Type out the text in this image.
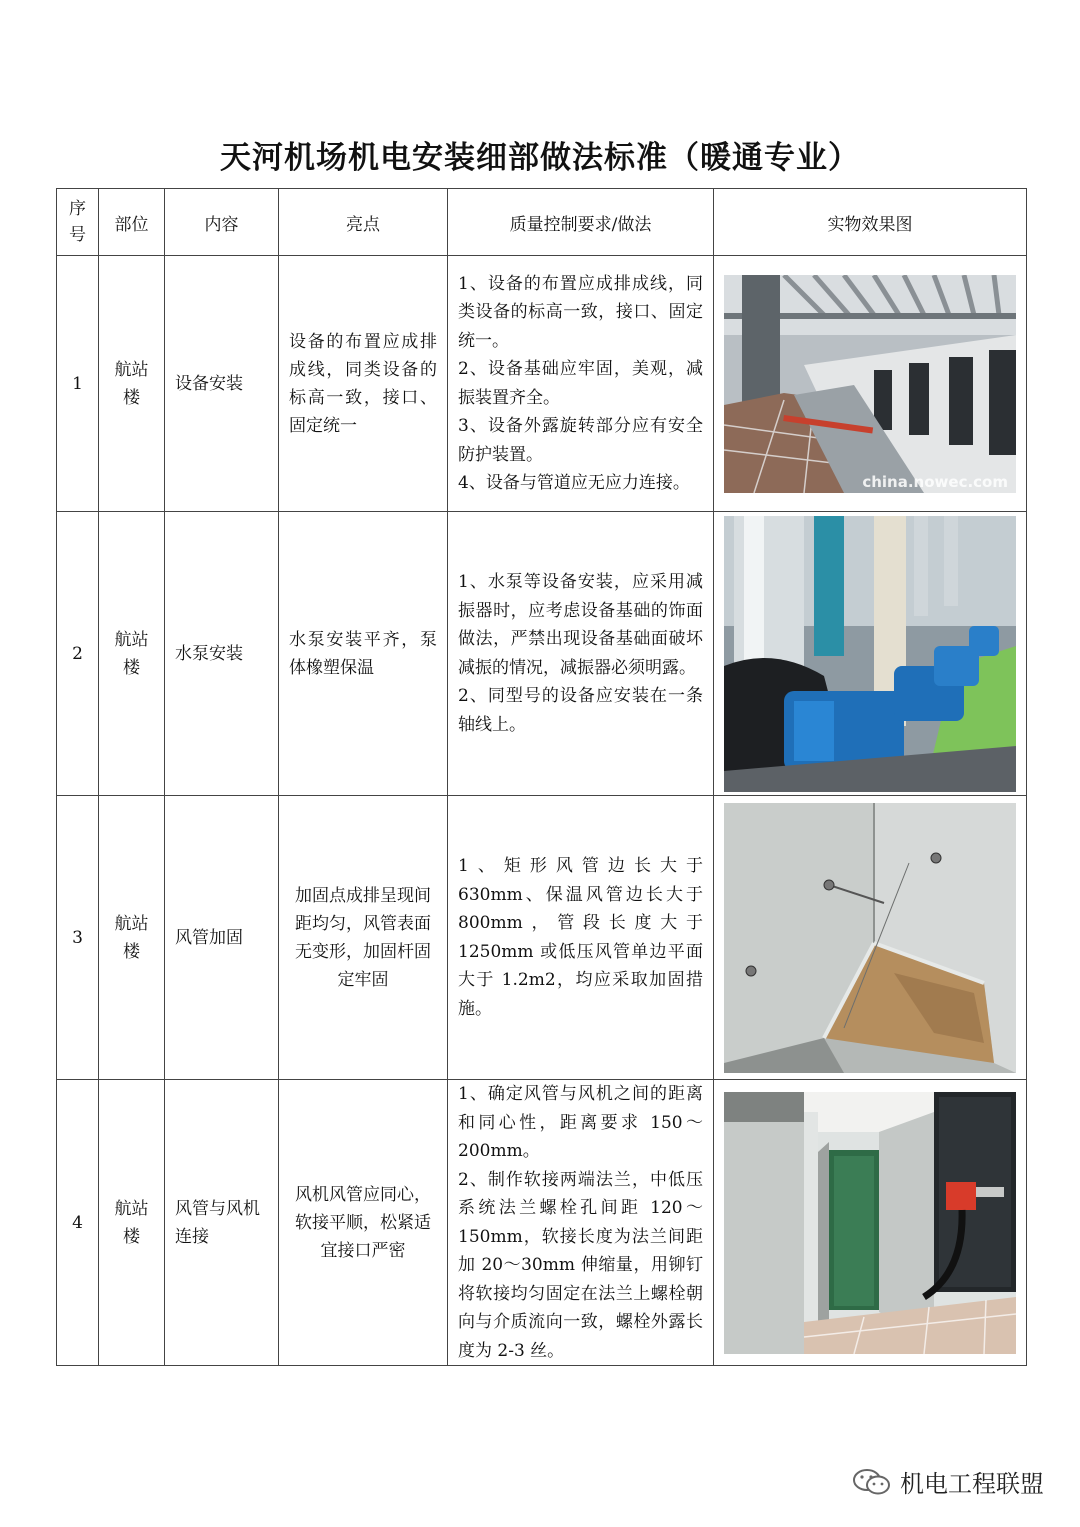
天河机场机电安装细部做法标准（暖通专业）
序号	部位	内容	亮点	质量控制要求/做法	实物效果图
1	航站楼	设备安装	设备的布置应成排成线，同类设备的标高一致，接口、固定统一	1、设备的布置应成排成线，同类设备的标高一致，接口、固定统一。
2、设备基础应牢固，美观，减振装置齐全。
3、设备外露旋转部分应有安全防护装置。
4、设备与管道应无应力连接。	china.nowec.com

2	航站楼	水泵安装	水泵安装平齐，泵体橡塑保温	1、水泵等设备安装，应采用减振器时，应考虑设备基础的饰面做法，严禁出现设备基础面破坏减振的情况，减振器必须明露。
2、同型号的设备应安装在一条轴线上。

3	航站楼	风管加固	加固点成排呈现间距均匀，风管表面无变形，加固杆固定牢固	1、矩形风管边长大于 630mm、保温风管边长大于 800mm，管段长度大于 1250mm 或低压风管单边平面大于 1.2m2，均应采取加固措施。

4	航站楼	风管与风机连接	风机风管应同心，软接平顺，松紧适宜接口严密	1、确定风管与风机之间的距离和同心性，距离要求 150～200mm。
2、制作软接两端法兰，中低压系统法兰螺栓孔间距 120～150mm，软接长度为法兰间距加 20～30mm 伸缩量，用铆钉将软接均匀固定在法兰上螺栓朝向与介质流向一致，螺栓外露长度为 2-3 丝。

机电工程联盟
